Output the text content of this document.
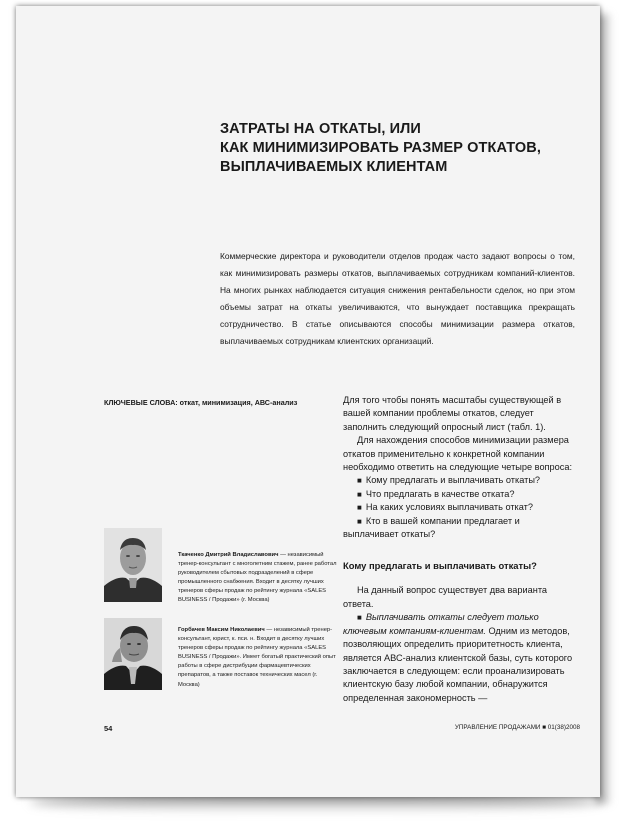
ЗАТРАТЫ НА ОТКАТЫ, ИЛИ
КАК МИНИМИЗИРОВАТЬ РАЗМЕР ОТКАТОВ,
ВЫПЛАЧИВАЕМЫХ КЛИЕНТАМ

Коммерческие директора и руководители отделов продаж часто задают вопросы о том, как минимизировать размеры откатов, выплачиваемых сотрудникам компаний-клиентов. На многих рынках наблюдается ситуация снижения рентабельности сделок, но при этом объемы затрат на откаты увеличиваются, что вынуждает поставщика прекращать сотрудничество. В статье описываются способы минимизации размера откатов, выплачиваемых сотрудникам клиентских организаций.

КЛЮЧЕВЫЕ СЛОВА: откат, минимизация, АВС-анализ

Ткаченко Дмитрий Владиславович — независимый тренер-консультант с многолетним стажем, ранее работал руководителем сбытовых подразделений в сфере промышленного снабжения. Входит в десятку лучших тренеров сферы продаж по рейтингу журнала «SALES BUSINESS / Продажи» (г. Москва)

Горбачев Максим Николаевич — независимый тренер-консультант, юрист, к. пси. н. Входит в десятку лучших тренеров сферы продаж по рейтингу журнала «SALES BUSINESS / Продажи». Имеет богатый практический опыт работы в сфере дистрибуции фармацевтических препаратов, а также поставок технических масел (г. Москва)

Для того чтобы понять масштабы существующей в вашей компании проблемы откатов, следует заполнить следующий опросный лист (табл. 1).

Для нахождения способов минимизации размера откатов применительно к конкретной компании необходимо ответить на следующие четыре вопроса:

■ Кому предлагать и выплачивать откаты?

■ Что предлагать в качестве отката?

■ На каких условиях выплачивать откат?

■ Кто в вашей компании предлагает и выплачивает откаты?

Кому предлагать и выплачивать откаты?

На данный вопрос существует два варианта ответа.

■ Выплачивать откаты следует только ключевым компаниям-клиентам. Одним из методов, позволяющих определить приоритетность клиента, является АВС-анализ клиентской базы, суть которого заключается в следующем: если проанализировать клиентскую базу любой компании, обнаружится определенная закономерность —

54	УПРАВЛЕНИЕ ПРОДАЖАМИ ■ 01(38)2008
